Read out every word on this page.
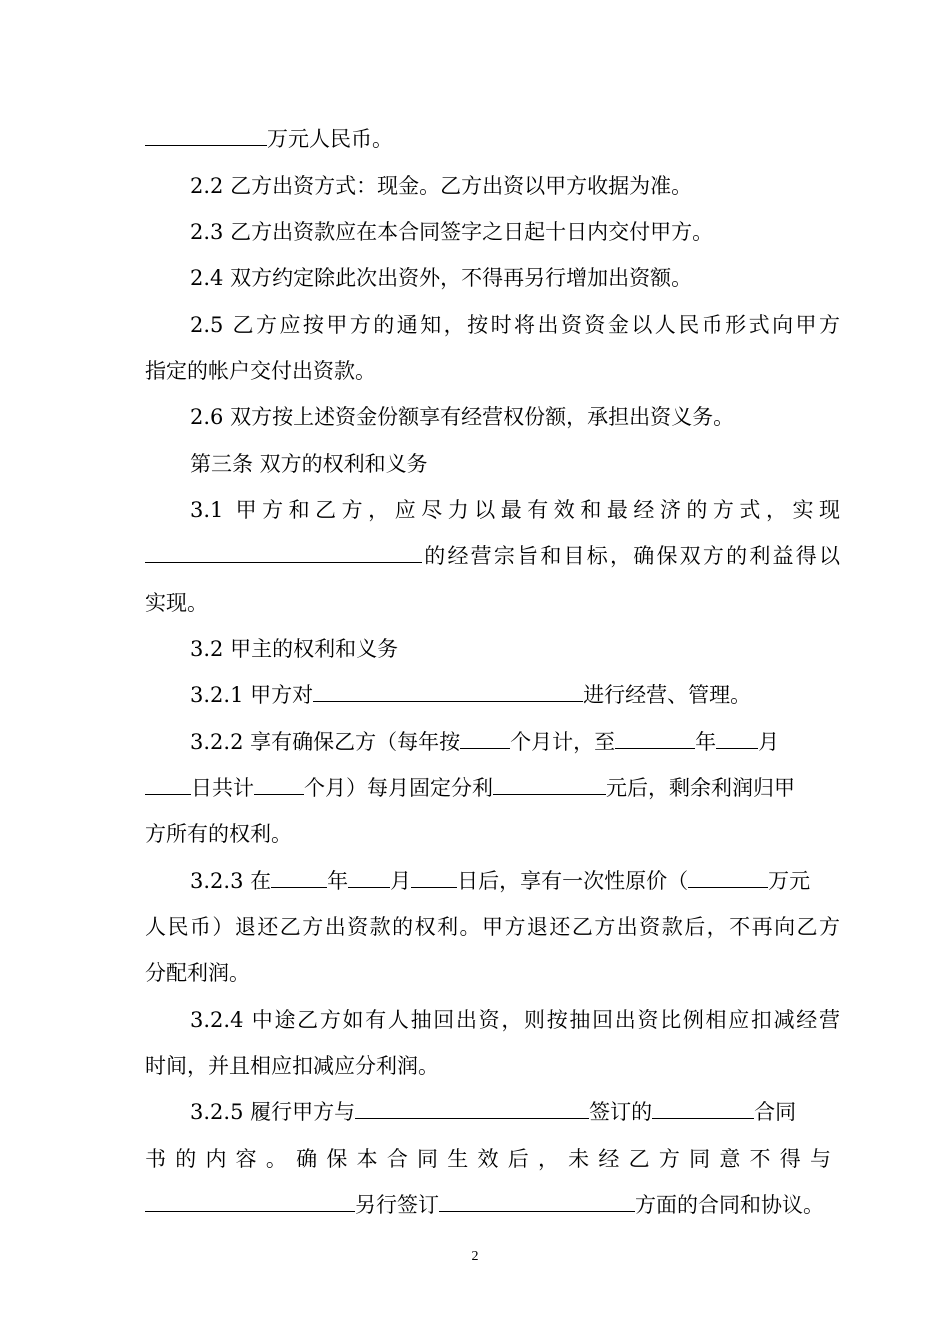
万元人民币。
2.2 乙方出资方式：现金。乙方出资以甲方收据为准。
2.3 乙方出资款应在本合同签字之日起十日内交付甲方。
2.4 双方约定除此次出资外，不得再另行增加出资额。
2.5 乙方应按甲方的通知，按时将出资资金以人民币形式向甲方
指定的帐户交付出资款。
2.6 双方按上述资金份额享有经营权份额，承担出资义务。
第三条 双方的权利和义务
3.1 甲方和乙方，应尽力以最有效和最经济的方式，实现
的经营宗旨和目标，确保双方的利益得以
实现。
3.2 甲主的权利和义务
3.2.1 甲方对	进行经营、管理。
3.2.2 享有确保乙方（每年按 个月计，至	年 月
日共计 个月）每月固定分利	元后，剩余利润归甲
方所有的权利。
3.2.3 在	年 月 日后，享有一次性原价（	万元
人民币）退还乙方出资款的权利。甲方退还乙方出资款后，不再向乙方
分配利润。
3.2.4 中途乙方如有人抽回出资，则按抽回出资比例相应扣减经营
时间，并且相应扣减应分利润。
3.2.5 履行甲方与	签订的	合同
书的内容。确保本合同生效后，未经乙方同意不得与
另行签订	方面的合同和协议。
2
